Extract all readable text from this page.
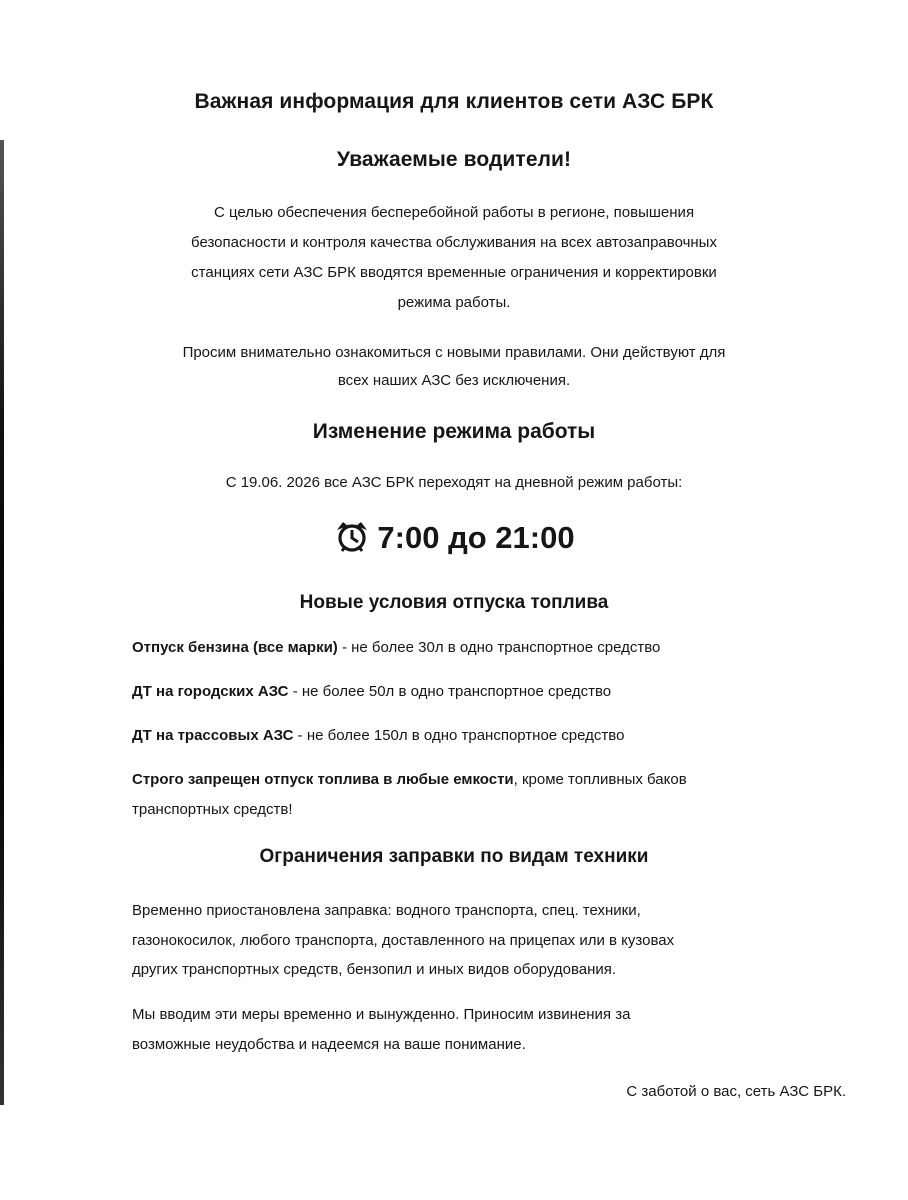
Важная информация для клиентов сети АЗС БРК
Уважаемые водители!
С целью обеспечения бесперебойной работы в регионе, повышения
безопасности и контроля качества обслуживания на всех автозаправочных
станциях сети АЗС БРК вводятся временные ограничения и корректировки
режима работы.
Просим внимательно ознакомиться с новыми правилами. Они действуют для
всех наших АЗС без исключения.
Изменение режима работы
С 19.06. 2026 все АЗС БРК переходят на дневной режим работы:
7:00 до 21:00
Новые условия отпуска топлива
Отпуск бензина (все марки) - не более 30л в одно транспортное средство
ДТ на городских АЗС - не более 50л в одно транспортное средство
ДТ на трассовых АЗС - не более 150л в одно транспортное средство
Строго запрещен отпуск топлива в любые емкости, кроме топливных баков
транспортных средств!
Ограничения заправки по видам техники
Временно приостановлена заправка: водного транспорта, спец. техники,
газонокосилок, любого транспорта, доставленного на прицепах или в кузовах
других транспортных средств, бензопил и иных видов оборудования.
Мы вводим эти меры временно и вынужденно. Приносим извинения за
возможные неудобства и надеемся на ваше понимание.
С заботой о вас, сеть АЗС БРК.
